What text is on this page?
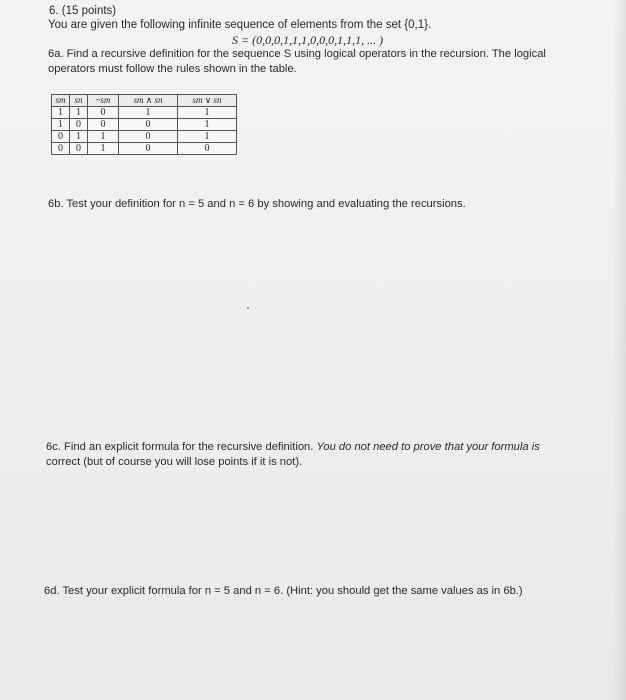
6. (15 points)
You are given the following infinite sequence of elements from the set {0,1}.
S = (0,0,0,1,1,1,0,0,0,1,1,1, ... )
6a. Find a recursive definition for the sequence S using logical operators in the recursion. The logical
operators must follow the rules shown in the table.
sm	sn	~sm	sm ∧ sn	sm ∨ sn
1	1	0	1	1
1	0	0	0	1
0	1	1	0	1
0	0	1	0	0
6b. Test your definition for n = 5 and n = 6 by showing and evaluating the recursions.
6c. Find an explicit formula for the recursive definition. You do not need to prove that your formula is
correct (but of course you will lose points if it is not).
6d. Test your explicit formula for n = 5 and n = 6. (Hint: you should get the same values as in 6b.)
